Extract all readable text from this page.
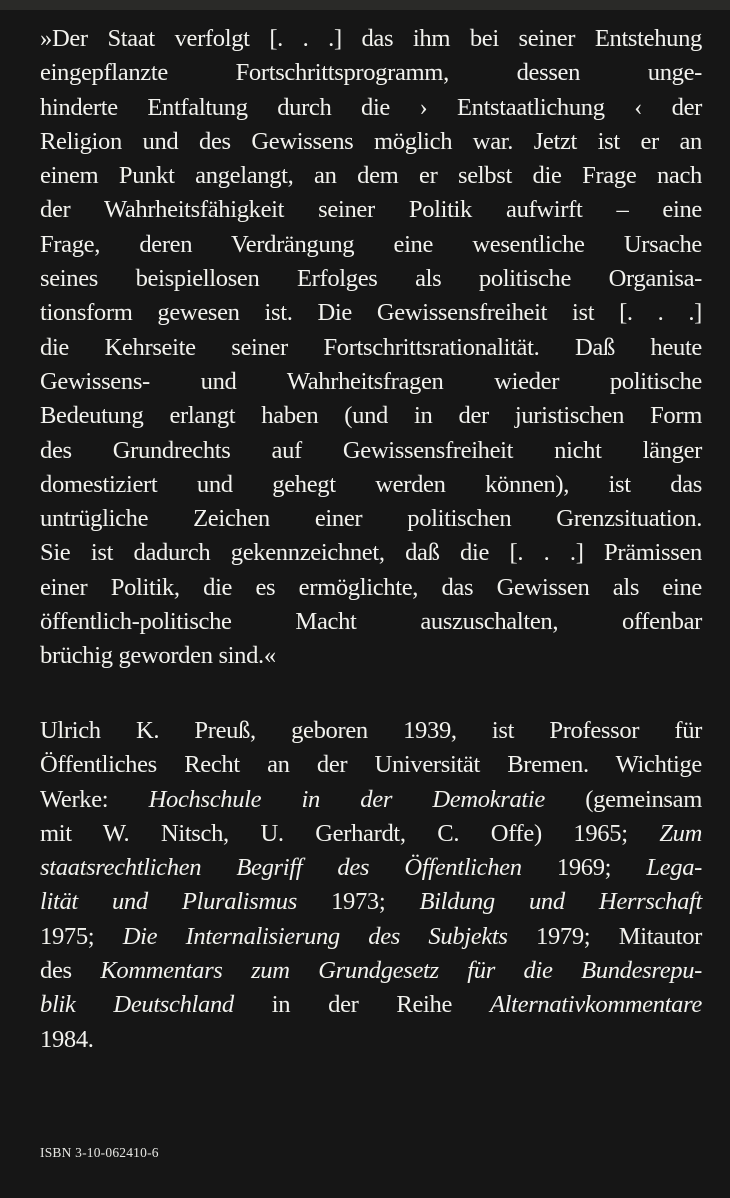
»Der Staat verfolgt [. . .] das ihm bei seiner Entstehung
eingepflanzte Fortschrittsprogramm, dessen unge-
hinderte Entfaltung durch die › Entstaatlichung ‹ der
Religion und des Gewissens möglich war. Jetzt ist er an
einem Punkt angelangt, an dem er selbst die Frage nach
der Wahrheitsfähigkeit seiner Politik aufwirft – eine
Frage, deren Verdrängung eine wesentliche Ursache
seines beispiellosen Erfolges als politische Organisa-
tionsform gewesen ist. Die Gewissensfreiheit ist [. . .]
die Kehrseite seiner Fortschrittsrationalität. Daß heute
Gewissens- und Wahrheitsfragen wieder politische
Bedeutung erlangt haben (und in der juristischen Form
des Grundrechts auf Gewissensfreiheit nicht länger
domestiziert und gehegt werden können), ist das
untrügliche Zeichen einer politischen Grenzsituation.
Sie ist dadurch gekennzeichnet, daß die [. . .] Prämissen
einer Politik, die es ermöglichte, das Gewissen als eine
öffentlich-politische Macht auszuschalten, offenbar
brüchig geworden sind.«
Ulrich K. Preuß, geboren 1939, ist Professor für
Öffentliches Recht an der Universität Bremen. Wichtige
Werke: Hochschule in der Demokratie (gemeinsam
mit W. Nitsch, U. Gerhardt, C. Offe) 1965; Zum
staatsrechtlichen Begriff des Öffentlichen 1969; Lega-
lität und Pluralismus 1973; Bildung und Herrschaft
1975; Die Internalisierung des Subjekts 1979; Mitautor
des Kommentars zum Grundgesetz für die Bundesrepu-
blik Deutschland in der Reihe Alternativkommentare
1984.
ISBN 3-10-062410-6
